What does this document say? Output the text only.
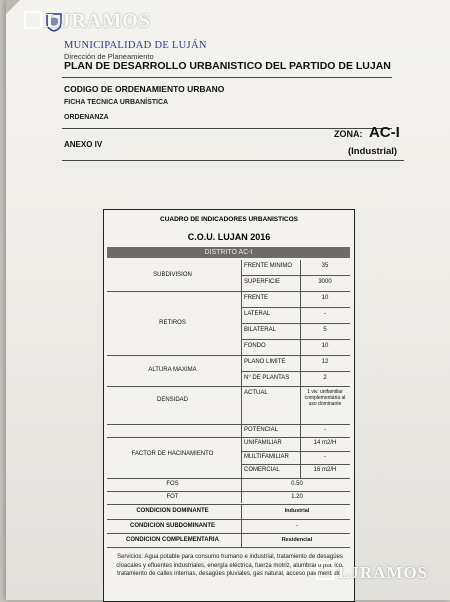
MUNICIPALIDAD DE LUJÁN
Dirección de Planeamiento
PLAN DE DESARROLLO URBANISTICO DEL PARTIDO DE LUJAN
CODIGO DE ORDENAMIENTO URBANO
FICHA TECNICA URBANÍSTICA
ORDENANZA
ANEXO IV
ZONA: AC-I
(Industrial)
CUADRO DE INDICADORES URBANISTICOS
C.O.U. LUJAN 2016
DISTRITO AC-I
SUBDIVISION
FRENTE MINIMO	35
SUPERFICIE	3000
RETIROS
FRENTE	10
LATERAL	-
BILATERAL	5
FONDO	10
ALTURA MAXIMA
PLANO LIMITE	12
N° DE PLANTAS	2
DENSIDAD
ACTUAL	1 viv. unifamiliar complementaria al uso dominante
POTENCIAL	-
FACTOR DE HACINAMIENTO
UNIFAMILIAR	14 m2/H
MULTIFAMILIAR	-
COMERCIAL	16 m2/H
FOS	0.50
FOT	1.20
CONDICION DOMINANTE	Industrial
CONDICION SUBDOMINANTE	-
CONDICION COMPLEMENTARIA	Residencial
Servicios: Agua potable para consumo humano e industrial, tratamiento de desagües cloacales y efluentes industriales, energía eléctrica, fuerza motriz, alumbrado público, tratamiento de calles internas, desagües pluviales, gas natural, acceso pavimentado.
LJRAMOS
LJRAMOS
